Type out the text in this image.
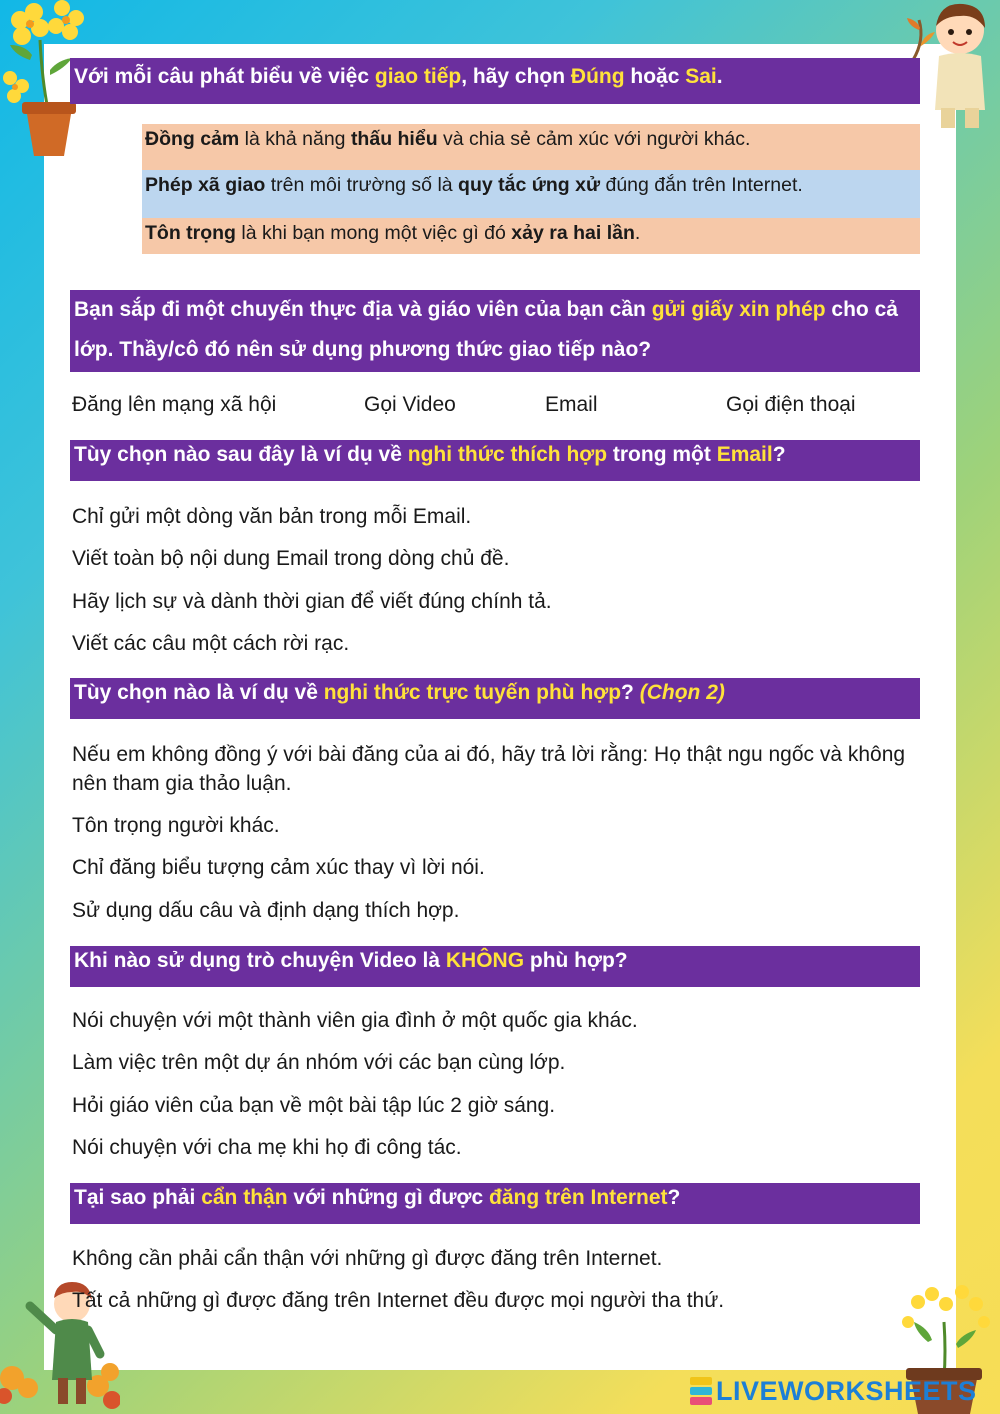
Với mỗi câu phát biểu về việc giao tiếp, hãy chọn Đúng hoặc Sai.
Đồng cảm là khả năng thấu hiểu và chia sẻ cảm xúc với người khác.
Phép xã giao trên môi trường số là quy tắc ứng xử đúng đắn trên Internet.
Tôn trọng là khi bạn mong một việc gì đó xảy ra hai lần.
Bạn sắp đi một chuyến thực địa và giáo viên của bạn cần gửi giấy xin phép cho cả lớp. Thầy/cô đó nên sử dụng phương thức giao tiếp nào?
Đăng lên mạng xã hội	Gọi Video	Email	Gọi điện thoại
Tùy chọn nào sau đây là ví dụ về nghi thức thích hợp trong một Email?
Chỉ gửi một dòng văn bản trong mỗi Email.
Viết toàn bộ nội dung Email trong dòng chủ đề.
Hãy lịch sự và dành thời gian để viết đúng chính tả.
Viết các câu một cách rời rạc.
Tùy chọn nào là ví dụ về nghi thức trực tuyến phù hợp? (Chọn 2)
Nếu em không đồng ý với bài đăng của ai đó, hãy trả lời rằng: Họ thật ngu ngốc và không nên tham gia thảo luận.
Tôn trọng người khác.
Chỉ đăng biểu tượng cảm xúc thay vì lời nói.
Sử dụng dấu câu và định dạng thích hợp.
Khi nào sử dụng trò chuyện Video là KHÔNG phù hợp?
Nói chuyện với một thành viên gia đình ở một quốc gia khác.
Làm việc trên một dự án nhóm với các bạn cùng lớp.
Hỏi giáo viên của bạn về một bài tập lúc 2 giờ sáng.
Nói chuyện với cha mẹ khi họ đi công tác.
Tại sao phải cẩn thận với những gì được đăng trên Internet?
Không cần phải cẩn thận với những gì được đăng trên Internet.
Tất cả những gì được đăng trên Internet đều được mọi người tha thứ.
LIVEWORKSHEETS
